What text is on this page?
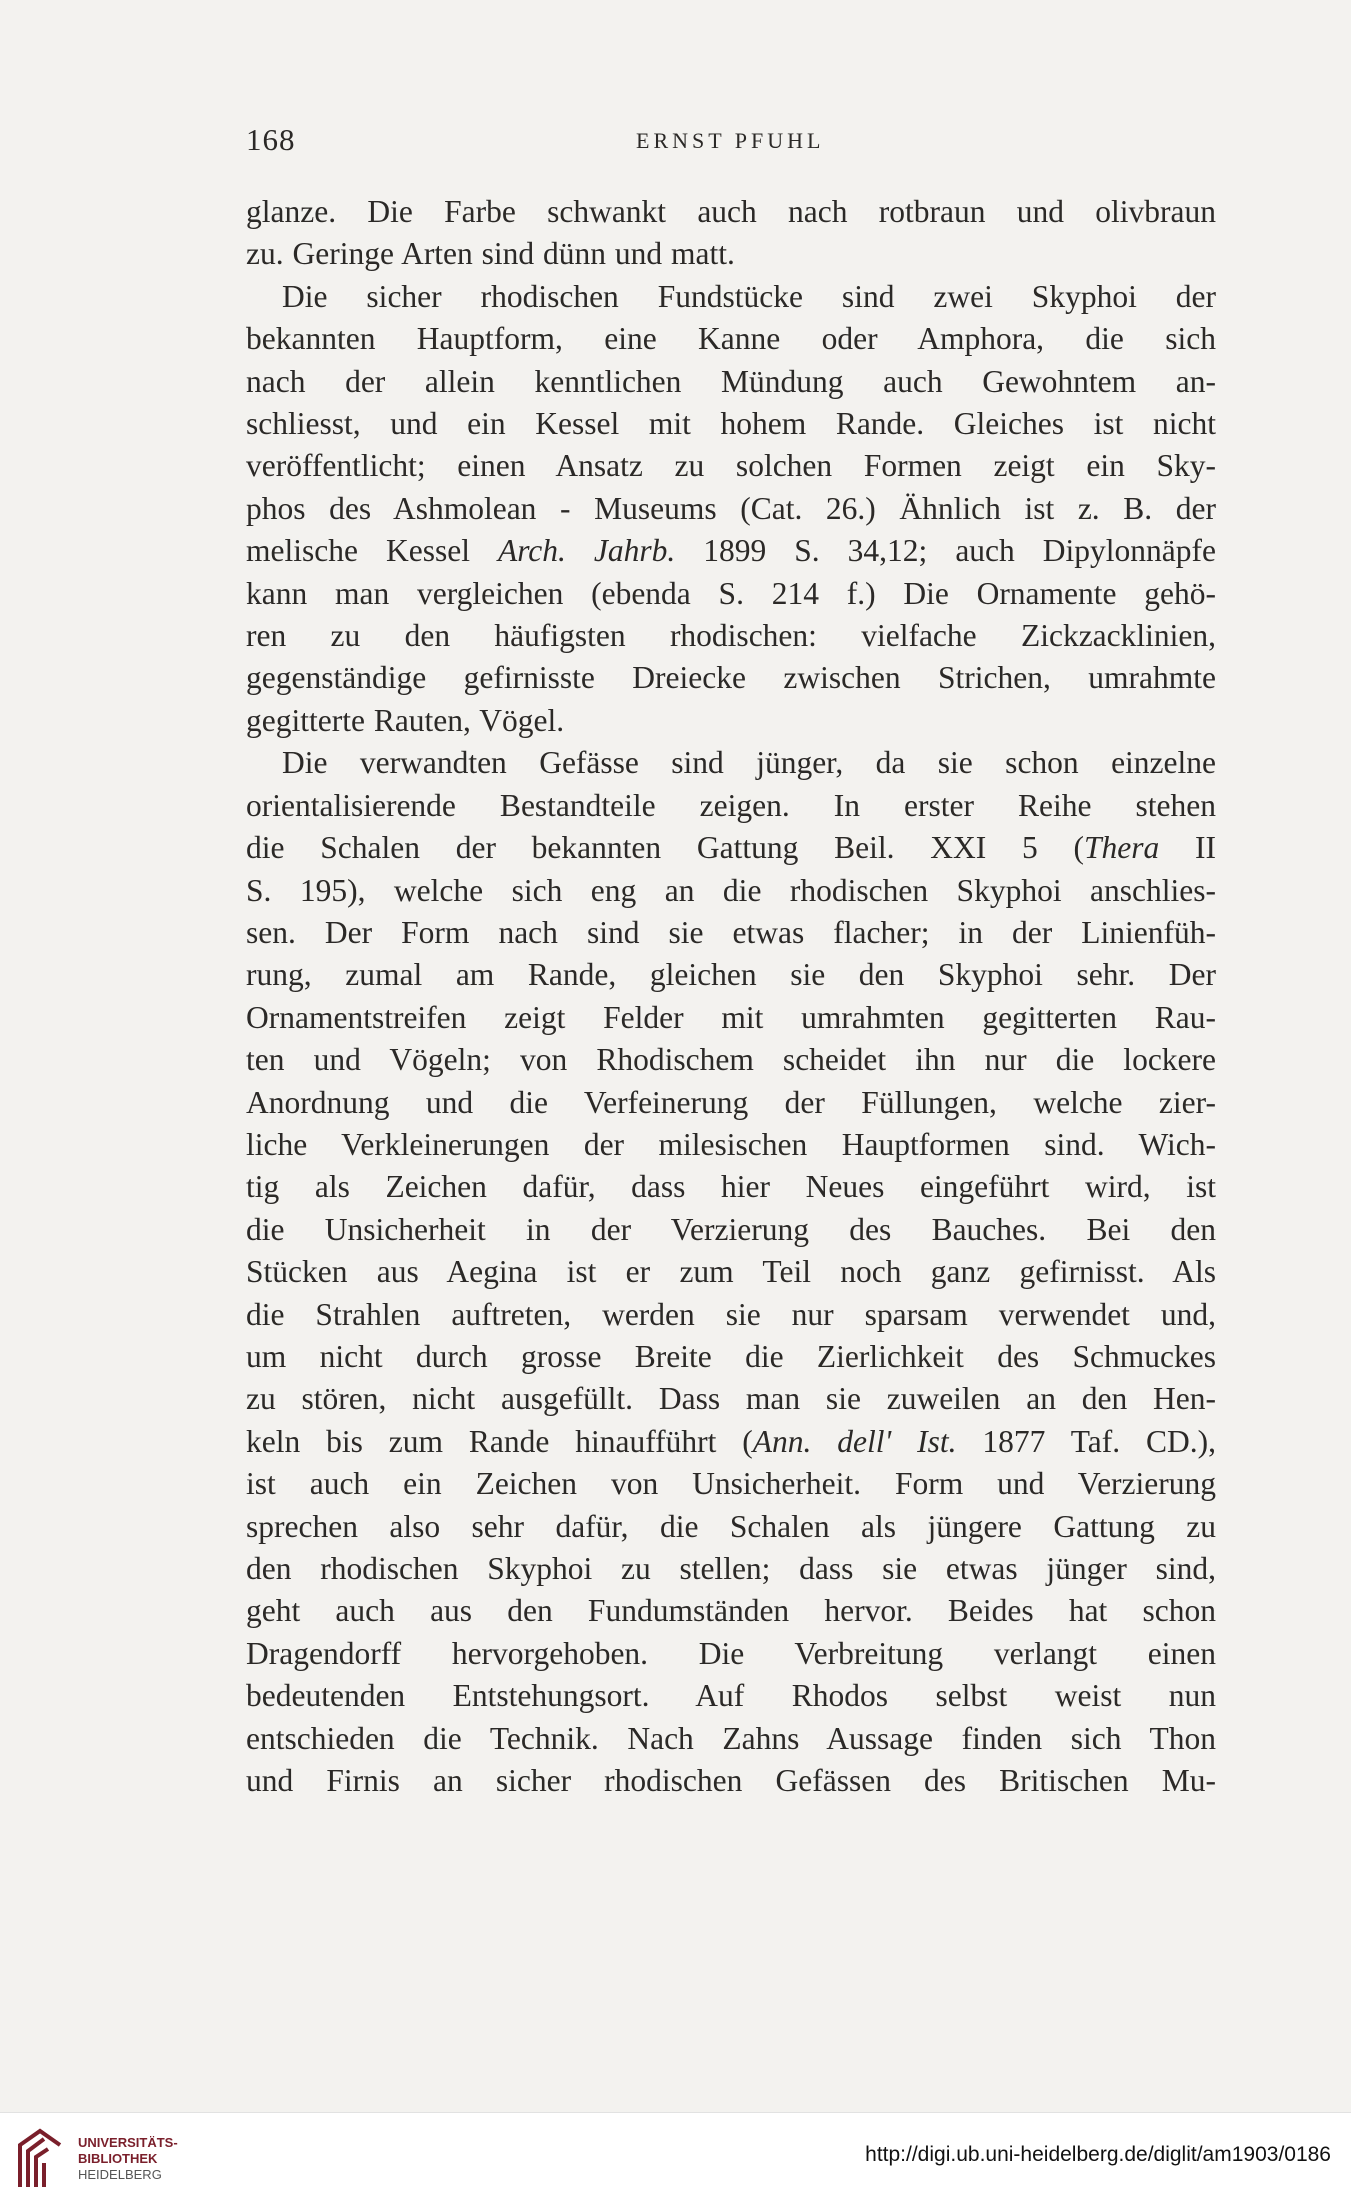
168	ERNST PFUHL
glanze. Die Farbe schwankt auch nach rotbraun und olivbraun
zu. Geringe Arten sind dünn und matt.
Die sicher rhodischen Fundstücke sind zwei Skyphoi der
bekannten Hauptform, eine Kanne oder Amphora, die sich
nach der allein kenntlichen Mündung auch Gewohntem an-
schliesst, und ein Kessel mit hohem Rande. Gleiches ist nicht
veröffentlicht; einen Ansatz zu solchen Formen zeigt ein Sky-
phos des Ashmolean - Museums (Cat. 26.) Ähnlich ist z. B. der
melische Kessel Arch. Jahrb. 1899 S. 34,12; auch Dipylonnäpfe
kann man vergleichen (ebenda S. 214 f.) Die Ornamente gehö-
ren zu den häufigsten rhodischen: vielfache Zickzacklinien,
gegenständige gefirnisste Dreiecke zwischen Strichen, umrahmte
gegitterte Rauten, Vögel.
Die verwandten Gefässe sind jünger, da sie schon einzelne
orientalisierende Bestandteile zeigen. In erster Reihe stehen
die Schalen der bekannten Gattung Beil. XXI 5 (Thera II
S. 195), welche sich eng an die rhodischen Skyphoi anschlies-
sen. Der Form nach sind sie etwas flacher; in der Linienfüh-
rung, zumal am Rande, gleichen sie den Skyphoi sehr. Der
Ornamentstreifen zeigt Felder mit umrahmten gegitterten Rau-
ten und Vögeln; von Rhodischem scheidet ihn nur die lockere
Anordnung und die Verfeinerung der Füllungen, welche zier-
liche Verkleinerungen der milesischen Hauptformen sind. Wich-
tig als Zeichen dafür, dass hier Neues eingeführt wird, ist
die Unsicherheit in der Verzierung des Bauches. Bei den
Stücken aus Aegina ist er zum Teil noch ganz gefirnisst. Als
die Strahlen auftreten, werden sie nur sparsam verwendet und,
um nicht durch grosse Breite die Zierlichkeit des Schmuckes
zu stören, nicht ausgefüllt. Dass man sie zuweilen an den Hen-
keln bis zum Rande hinaufführt (Ann. dell' Ist. 1877 Taf. CD.),
ist auch ein Zeichen von Unsicherheit. Form und Verzierung
sprechen also sehr dafür, die Schalen als jüngere Gattung zu
den rhodischen Skyphoi zu stellen; dass sie etwas jünger sind,
geht auch aus den Fundumständen hervor. Beides hat schon
Dragendorff hervorgehoben. Die Verbreitung verlangt einen
bedeutenden Entstehungsort. Auf Rhodos selbst weist nun
entschieden die Technik. Nach Zahns Aussage finden sich Thon
und Firnis an sicher rhodischen Gefässen des Britischen Mu-
UNIVERSITÄTS-
BIBLIOTHEK
HEIDELBERG
http://digi.ub.uni-heidelberg.de/diglit/am1903/0186
